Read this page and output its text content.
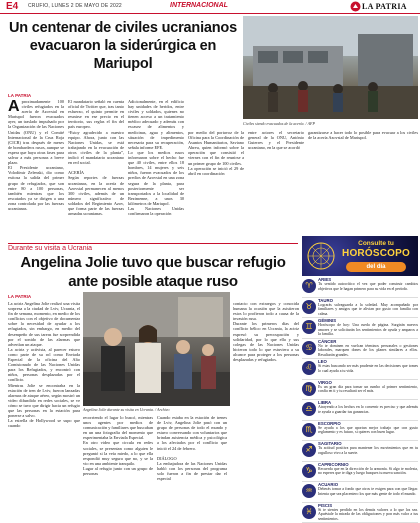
E4 CRUFIO, LUNES 2 DE MAYO DE 2022	INTERNACIONAL	LA PATRIA
Un centenar de civiles ucranianos evacuaron la siderúrgica en Mariupol
LA PATRIA
A proximadamente 100 civiles refugiados en la acería de Azovstal en Mariupol fueron evacuados ayer, un traslado impulsado por la Organización de las Naciones Unidas (ONU) y el Comité Internacional de la Cruz Roja (CICR) tras después de meses de bombardeos rusos, aunque se espera que haya otras fases para salvar a más personas a breve plazo.
El Presidente ucraniano, Volodímir Zelenski, dio como exitosa la salida del primer grupo de refugiados, que son entre 80 a 100 personas, también mientras que los rescatados ya se dirigen a una zona controlada por las fuerzas ucranianas.
El mandatario señaló en cuenta oficial de Twitter que, tras tanto esfuerzo, el quinto permite en reunirse en ese precio en el territorio, sus reglas el fin del país europeo.
“Estoy agradecido a nuestro equipo. Ahora, junto con las Naciones Unidas, se está trabajando en la evacuación de otros civiles de la planta”, indicó el mandatario ucraniano en red social.

ACERÍA
Según reportes de fuerzas ucranianas, en la acería de Azovstal permanecen al menos 300 civiles, además de un número significativo de soldados del Regimiento Azov, que forma parte de las fuerzas armadas ucranianas.
Adicionalmente, en el edificio hay unidades de heridos, entre civiles y soldados, quienes no tienen acceso a un tratamiento médico adecuado y además con escasez de alimentos y medicinas, agua y alimentos, situación de impedimento necesaria para su recuperación, señala informe EFE.
Lo que los medios rusos informaron sobre el hecho fue que 40 civiles, entre ellos 18 hombres, 14 mujeres y seis niños, fueron evacuados de los predios de Azovstal en una zona segura de la planta, para posteriormente ser transportados a la localidad de Bezimenne, a unos 30 kilómetros de Mariupol.
Las Naciones Unidas confirmaron la operación
por medio del portavoz de la Oficina para la Coordinación de Asuntos Humanitarios, Saviano Abreu, quien informó sobre la operación que consistió el viernes con el fin de reunirse a un primer grupo de 100 civiles.
La operación se inició el 29 de abril en coordinación
entre actores el secretario general de la ONU, António Guterres y el Presidente ucraniano, en la que se acordó
garantizarse a hacer todo lo posible para evacuar a los civiles de la acería Azovstal de Mariupol.
Civiles siendo evacuados de la acería. / AFP
Consulte tu
HORÓSCOPO
del día
♈
ARIES
Tu sentido autocrítico el vez que poder construir cambios objetivos que le hagan primero para su vida en el período.
♉
TAURO
Lograrás salvaguarda a la soledad. Muy acompañado por familiares y amigos que te alivian por gusto con familia con calma.
♊
GÉMINIS
Horóscopo de hoy: Una rueda de página. Surgirán nuevos amores y se solicitarán los sentimientos de ayuda y amparos a la familia.
♋
CÁNCER
No te dominen en vuelcan términos personales o gestiones laborales, marquen dones de los planes similares a ellos. Resultarán grandes.
♌
LEO
Si estas buscando ser más prudente en las decisiones que tomes lo cual ayuda a tu vida.
♍
VIRGO
Es un gran día para tomar un rumbo al primer sentimiento, confía en ti y tu resultará ser el más.
♎
LIBRA
Atrayendo a los hechos en lo convenir es preciso y que además te ayuda a guardar tus ganancias.
♏
ESCORPIO
Se ayuda a los que aportan mejor trabajo que con gusto reglamento y es futuro, si quieres con buen lugar.
♐
SAGITARIO
Tu actitud positiva para mantener los movimientos que en tu orgulloso vivo a la suerte.
♑
CAPRICORNIO
Recuerda que en la dirección de la armonía. Si algo te molesta, no esperes que te diga y luego busques tu nueva sanción.
♒
ACUARIO
Deberás tomar a fondo que otros te exigen para con que llegar. Intenta que sea placentero los que más gente de todo el mundo.
♓
PISCIS
Si te sientes perdido en los demás valores a lo que los sea. Apuéstale la mirada de las obligaciones y pon más valor a tus sentimientos.
Durante su visita a Ucrania
Angelina Jolie tuvo que buscar refugio ante posible ataque ruso
LA PATRIA
La actriz Angelina Jolie realizó una visita sorpresa a la ciudad de Lviv, Ucrania, el fin de semana, momento, en medio de los conflictos con el objetivo de documentar sobre la necesidad de ayudar a los refugiados, sin embargo, en medio del desempeño de sus tareas fue sorprendida por el sonido de las alarmas que advertían un ataque.
La actriz y activista, al parecer estuvo como parte de su rol como Enviada Especial de la oficina del Alto Comisionado de las Naciones Unidas para los Refugiados, y encontró con niños, personas desplazadas por el conflicto.
Mientras Jolie se encontraba en la estación de tren de Lviv, fueron lanzadas alarmas de ataque aéreo, según mostró un video difundido en redes sociales, se ve cómo se tuvo que dirigir hacia un refugio que las personas en la estación para ponerse a salvo.
La estrella de Hollywood se supo que cuando
Angelina Jolie durante su visita en Ucrania. / Archivo
recorriendo el lugar lo buscó, mientras unos agentes por medios de comunicación y familiares que buscaban en un una fotografía del momento que experimentaba la Enviada Especial.
En otro video que circula en redes sociales, se presentan como alguien le preguntó si la veía miedo, a lo que ella respondió muy segura que no, y se la vio en una ambiente tranquilo.
Lugar al refugio junto con un grupo de personas
Cuando estaba en la estación de trenes de Lviv, Angelina Jolie pasó con un grupo de personas de todo el mundo y estuvo conversando con voluntarios que brindan asistencia médica y psicológica a los afectados por el conflicto que inició el 24 de febrero.

DIÁLOGO
La embajadora de las Naciones Unidas habló con los personas del programa solo fueron a fin de prestar dar el especial
contacto con extraegos y conocida humana la ocasión que la asistieron estos lo profieron todo a causa de la invasión rusa.
Durante los primeros días del conflicto bélico en Ucrania, la actriz expresó su preocupación y solidaridad, por lo que ella y sus colegas de las Naciones Unidas hicieron todo lo que estuviera a su alcance para proteger a los personas desplazadas y refugiados.
